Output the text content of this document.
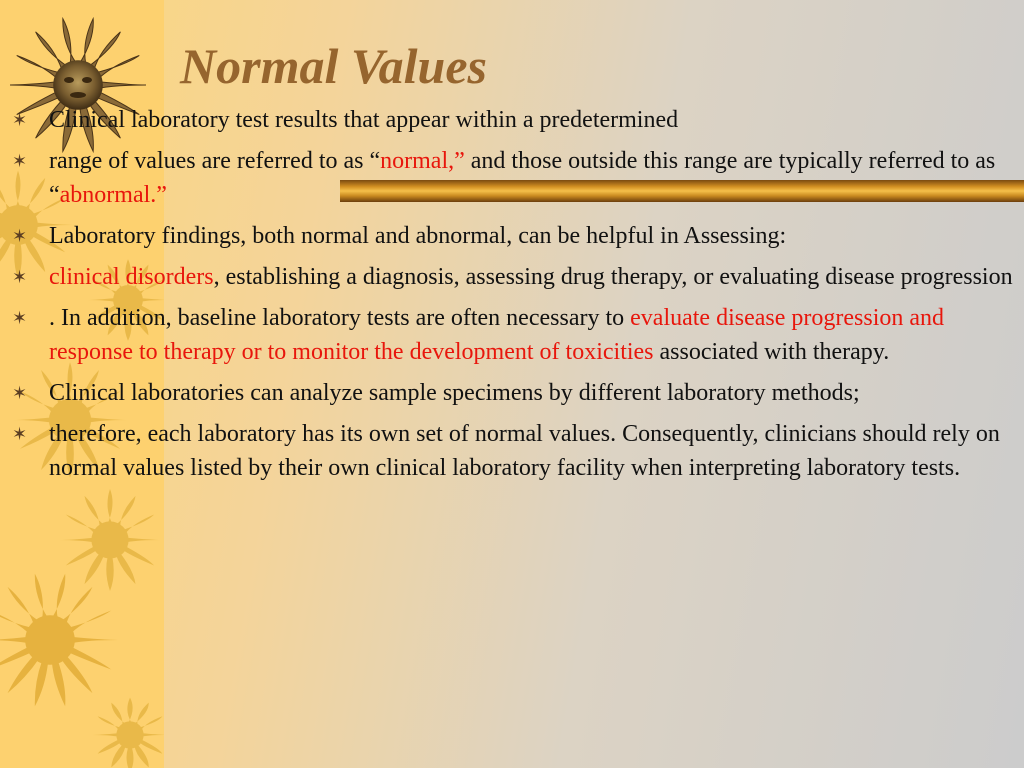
Normal Values
✶ Clinical laboratory test results that appear within a predetermined
✶ range of values are referred to as “normal,” and those outside this range are typically referred to as “abnormal.”
✶ Laboratory findings, both normal and abnormal, can be helpful in Assessing:
✶ clinical disorders, establishing a diagnosis, assessing drug therapy, or evaluating disease progression
✶ . In addition, baseline laboratory tests are often necessary to evaluate disease progression and response to therapy or to monitor the development of toxicities associated with therapy.
✶ Clinical laboratories can analyze sample specimens by different laboratory methods;
✶ therefore, each laboratory has its own set of normal values. Consequently, clinicians should rely on normal values listed by their own clinical laboratory facility when interpreting laboratory tests.
